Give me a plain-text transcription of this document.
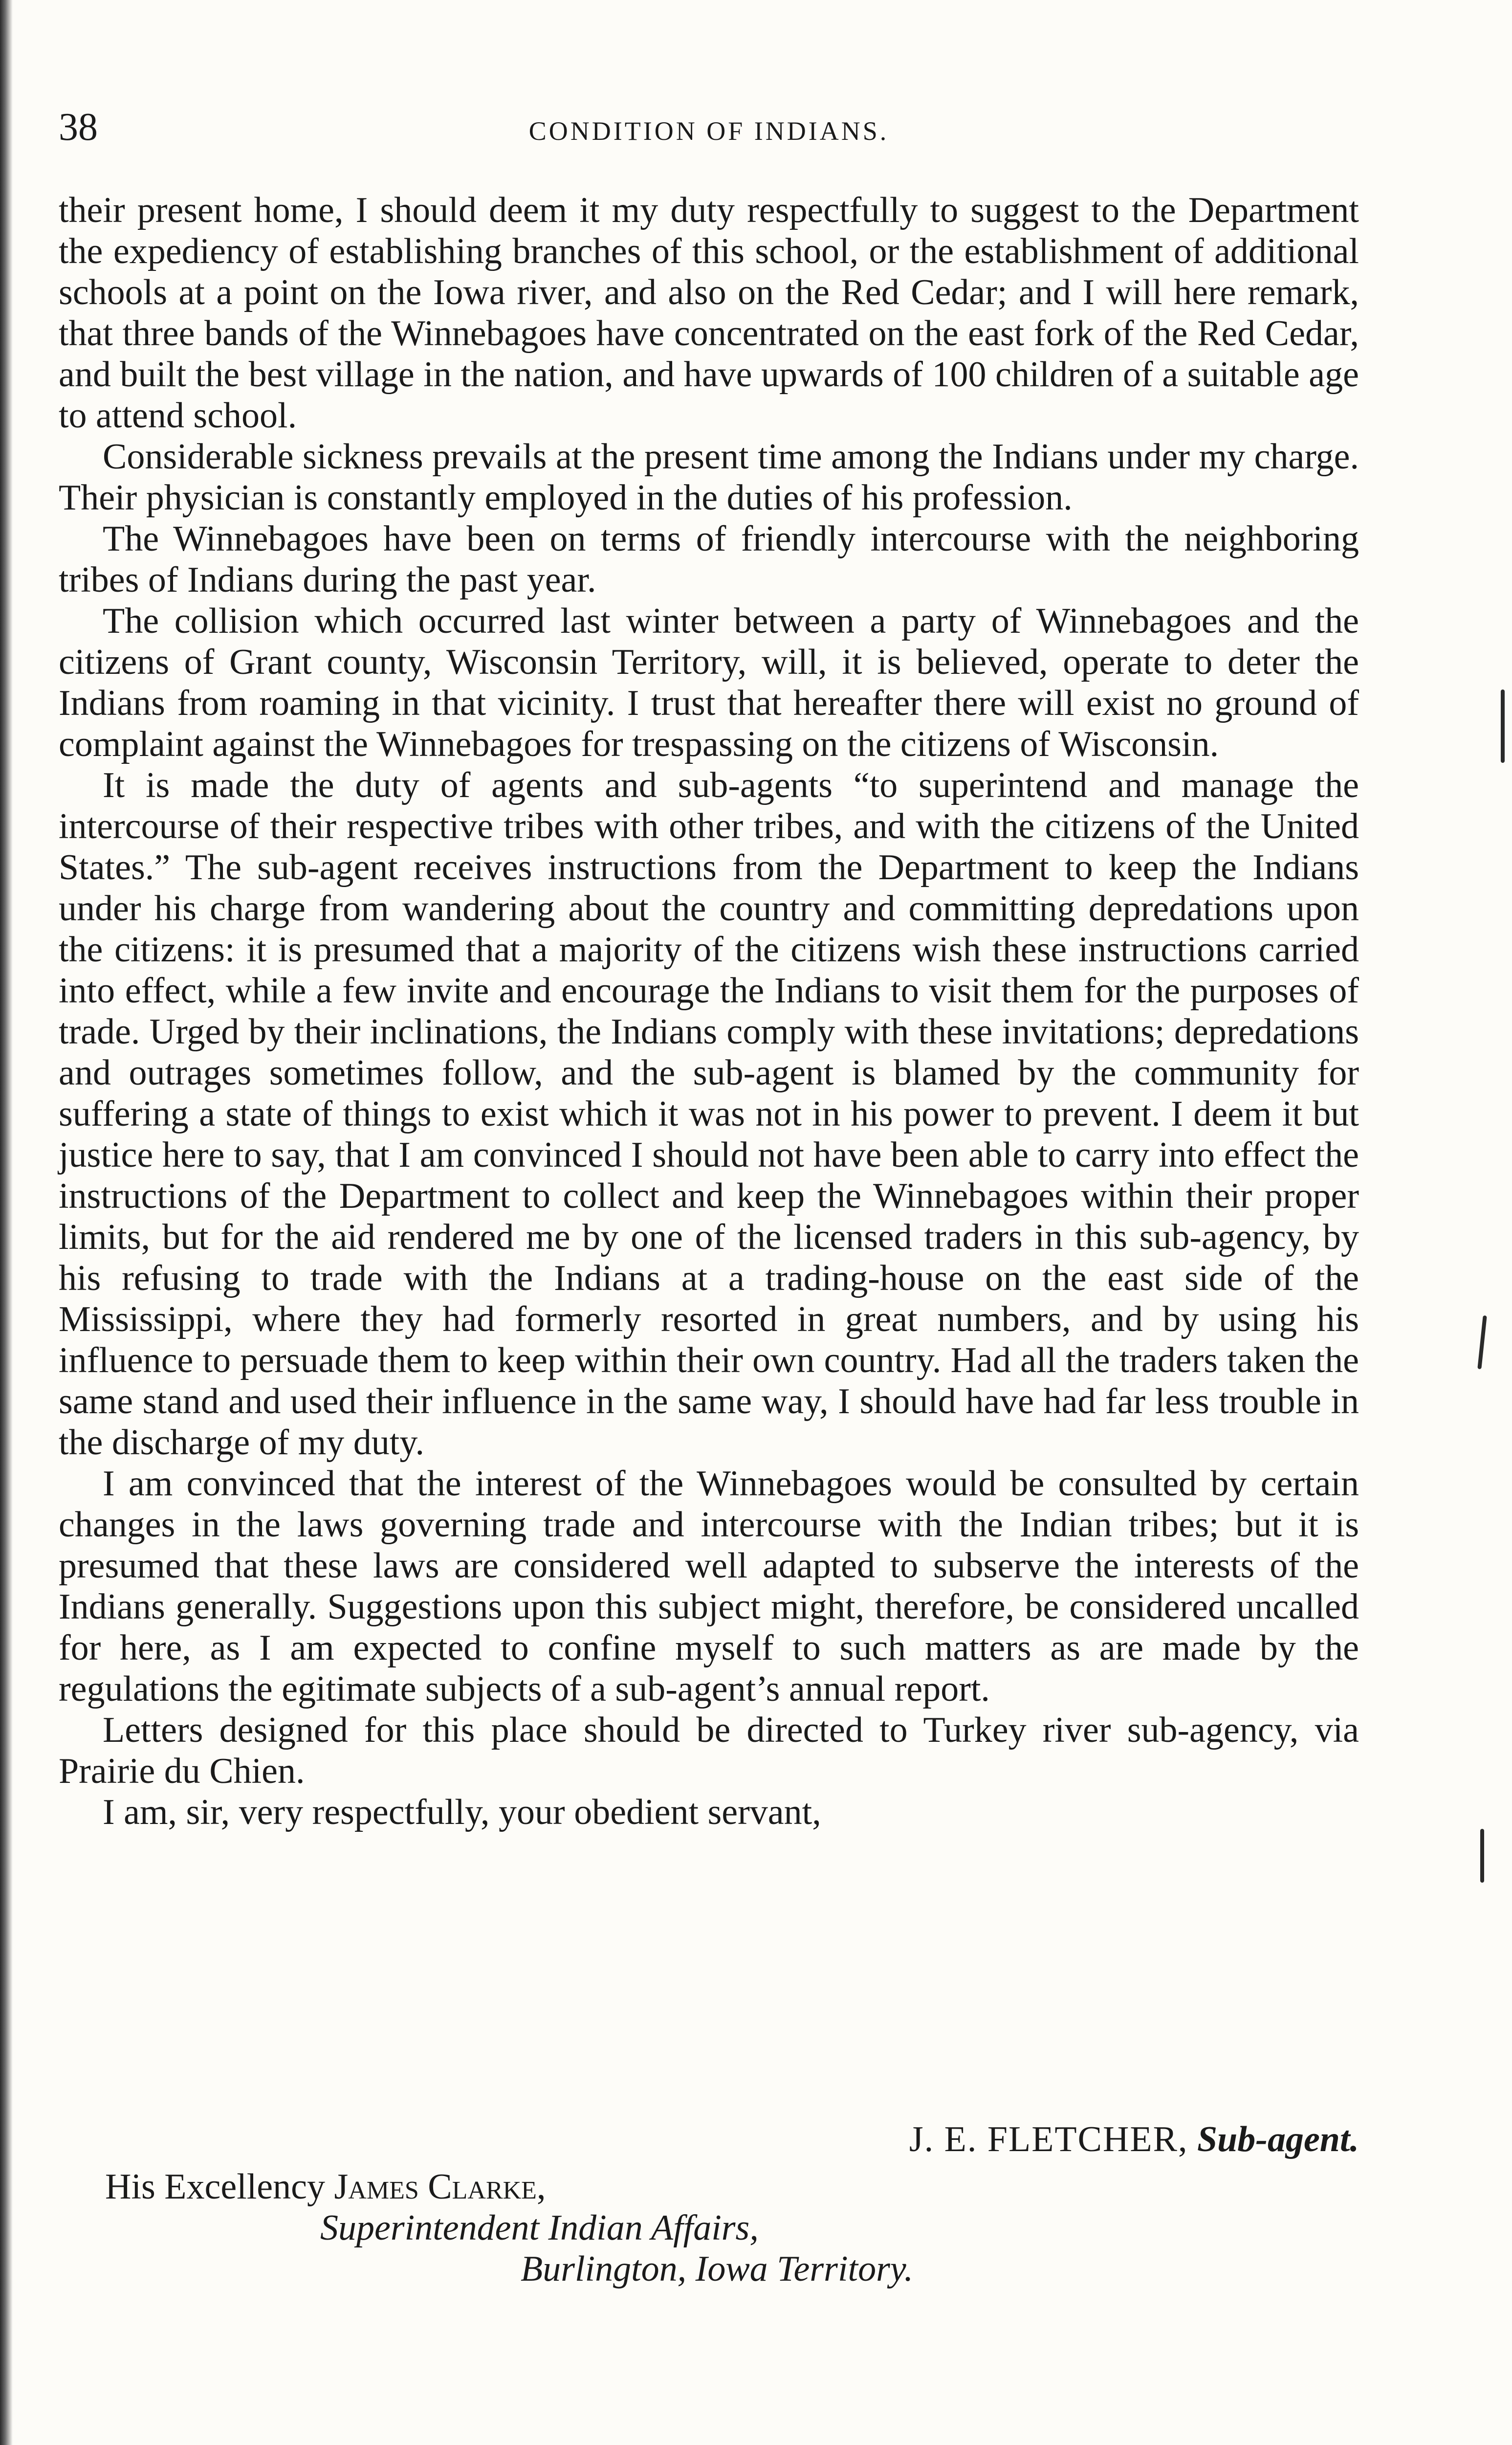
38	CONDITION OF INDIANS.

their present home, I should deem it my duty respectfully to suggest to the Department the expediency of establishing branches of this school, or the establishment of additional schools at a point on the Iowa river, and also on the Red Cedar; and I will here remark, that three bands of the Winnebagoes have concentrated on the east fork of the Red Cedar, and built the best village in the nation, and have upwards of 100 children of a suitable age to attend school.

Considerable sickness prevails at the present time among the Indians under my charge. Their physician is constantly employed in the duties of his profession.

The Winnebagoes have been on terms of friendly intercourse with the neighboring tribes of Indians during the past year.

The collision which occurred last winter between a party of Winnebagoes and the citizens of Grant county, Wisconsin Territory, will, it is believed, operate to deter the Indians from roaming in that vicinity. I trust that hereafter there will exist no ground of complaint against the Winnebagoes for trespassing on the citizens of Wisconsin.

It is made the duty of agents and sub-agents “to superintend and manage the intercourse of their respective tribes with other tribes, and with the citizens of the United States.” The sub-agent receives instructions from the Department to keep the Indians under his charge from wandering about the country and committing depredations upon the citizens: it is presumed that a majority of the citizens wish these instructions carried into effect, while a few invite and encourage the Indians to visit them for the purposes of trade. Urged by their inclinations, the Indians comply with these invitations; depredations and outrages sometimes follow, and the sub-agent is blamed by the community for suffering a state of things to exist which it was not in his power to prevent. I deem it but justice here to say, that I am convinced I should not have been able to carry into effect the instructions of the Department to collect and keep the Winnebagoes within their proper limits, but for the aid rendered me by one of the licensed traders in this sub-agency, by his refusing to trade with the Indians at a trading-house on the east side of the Mississippi, where they had formerly resorted in great numbers, and by using his influence to persuade them to keep within their own country. Had all the traders taken the same stand and used their influence in the same way, I should have had far less trouble in the discharge of my duty.

I am convinced that the interest of the Winnebagoes would be consulted by certain changes in the laws governing trade and intercourse with the Indian tribes; but it is presumed that these laws are considered well adapted to subserve the interests of the Indians generally. Suggestions upon this subject might, therefore, be considered uncalled for here, as I am expected to confine myself to such matters as are made by the regulations the egitimate subjects of a sub-agent’s annual report.

Letters designed for this place should be directed to Turkey river sub-agency, via Prairie du Chien.

I am, sir, very respectfully, your obedient servant,

J. E. FLETCHER, Sub-agent.
His Excellency James Clarke,
Superintendent Indian Affairs,
Burlington, Iowa Territory.
